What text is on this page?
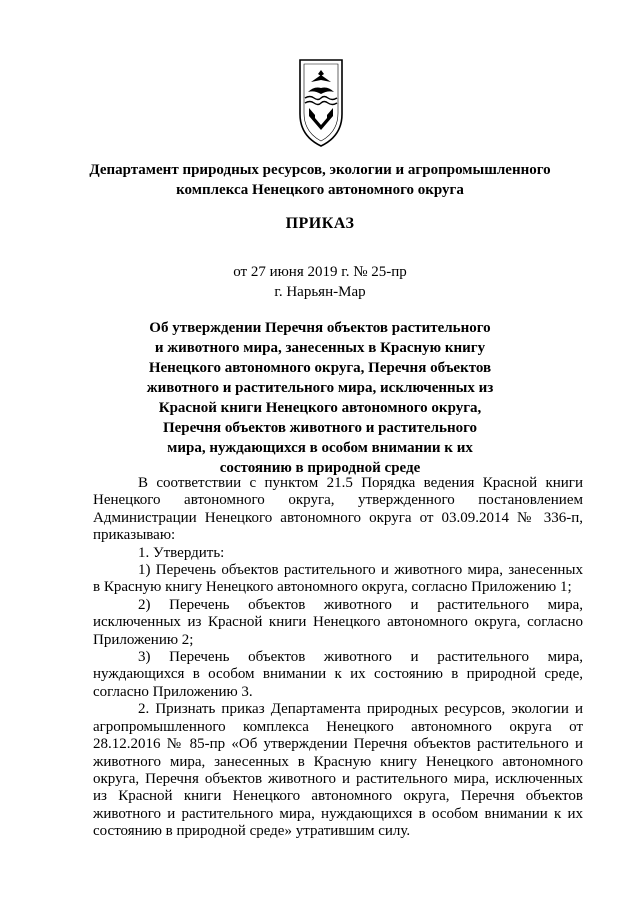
Департамент природных ресурсов, экологии и агропромышленного
комплекса Ненецкого автономного округа
ПРИКАЗ
от 27 июня 2019 г. № 25-пр
г. Нарьян-Мар
Об утверждении Перечня объектов растительного
и животного мира, занесенных в Красную книгу
Ненецкого автономного округа, Перечня объектов
животного и растительного мира, исключенных из
Красной книги Ненецкого автономного округа,
Перечня объектов животного и растительного
мира, нуждающихся в особом внимании к их
состоянию в природной среде

В соответствии с пунктом 21.5 Порядка ведения Красной книги Ненецкого автономного округа, утвержденного постановлением Администрации Ненецкого автономного округа от 03.09.2014 № 336-п, приказываю:

1. Утвердить:

1) Перечень объектов растительного и животного мира, занесенных в Красную книгу Ненецкого автономного округа, согласно Приложению 1;

2) Перечень объектов животного и растительного мира, исключенных из Красной книги Ненецкого автономного округа, согласно Приложению 2;

3) Перечень объектов животного и растительного мира, нуждающихся в особом внимании к их состоянию в природной среде, согласно Приложению 3.

2. Признать приказ Департамента природных ресурсов, экологии и агропромышленного комплекса Ненецкого автономного округа от 28.12.2016 № 85-пр «Об утверждении Перечня объектов растительного и животного мира, занесенных в Красную книгу Ненецкого автономного округа, Перечня объектов животного и растительного мира, исключенных из Красной книги Ненецкого автономного округа, Перечня объектов животного и растительного мира, нуждающихся в особом внимании к их состоянию в природной среде» утратившим силу.
